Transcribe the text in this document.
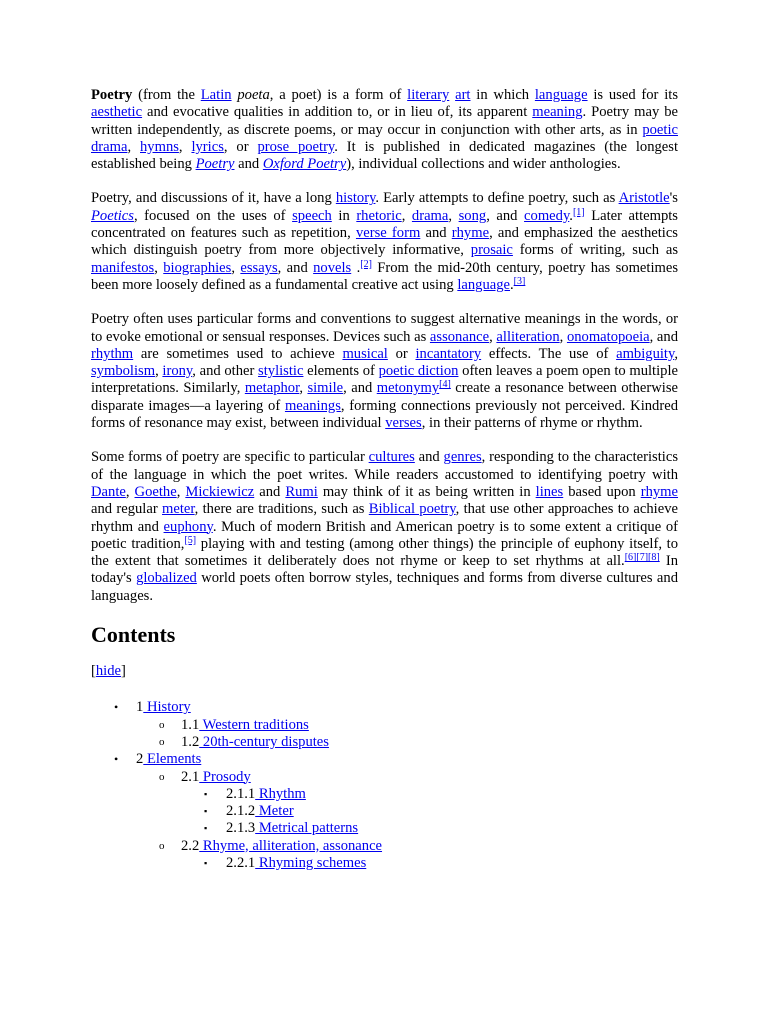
Poetry (from the Latin poeta, a poet) is a form of literary art in which language is used for its aesthetic and evocative qualities in addition to, or in lieu of, its apparent meaning. Poetry may be written independently, as discrete poems, or may occur in conjunction with other arts, as in poetic drama, hymns, lyrics, or prose poetry. It is published in dedicated magazines (the longest established being Poetry and Oxford Poetry), individual collections and wider anthologies.

Poetry, and discussions of it, have a long history. Early attempts to define poetry, such as Aristotle's Poetics, focused on the uses of speech in rhetoric, drama, song, and comedy.[1] Later attempts concentrated on features such as repetition, verse form and rhyme, and emphasized the aesthetics which distinguish poetry from more objectively informative, prosaic forms of writing, such as manifestos, biographies, essays, and novels .[2] From the mid-20th century, poetry has sometimes been more loosely defined as a fundamental creative act using language.[3]

Poetry often uses particular forms and conventions to suggest alternative meanings in the words, or to evoke emotional or sensual responses. Devices such as assonance, alliteration, onomatopoeia, and rhythm are sometimes used to achieve musical or incantatory effects. The use of ambiguity, symbolism, irony, and other stylistic elements of poetic diction often leaves a poem open to multiple interpretations. Similarly, metaphor, simile, and metonymy[4] create a resonance between otherwise disparate images—a layering of meanings, forming connections previously not perceived. Kindred forms of resonance may exist, between individual verses, in their patterns of rhyme or rhythm.

Some forms of poetry are specific to particular cultures and genres, responding to the characteristics of the language in which the poet writes. While readers accustomed to identifying poetry with Dante, Goethe, Mickiewicz and Rumi may think of it as being written in lines based upon rhyme and regular meter, there are traditions, such as Biblical poetry, that use other approaches to achieve rhythm and euphony. Much of modern British and American poetry is to some extent a critique of poetic tradition,[5] playing with and testing (among other things) the principle of euphony itself, to the extent that sometimes it deliberately does not rhyme or keep to set rhythms at all.[6][7][8] In today's globalized world poets often borrow styles, techniques and forms from diverse cultures and languages.

Contents
[hide]
• 1 History
o 1.1 Western traditions
o 1.2 20th-century disputes
• 2 Elements
o 2.1 Prosody
▪ 2.1.1 Rhythm
▪ 2.1.2 Meter
▪ 2.1.3 Metrical patterns
o 2.2 Rhyme, alliteration, assonance
▪ 2.2.1 Rhyming schemes
